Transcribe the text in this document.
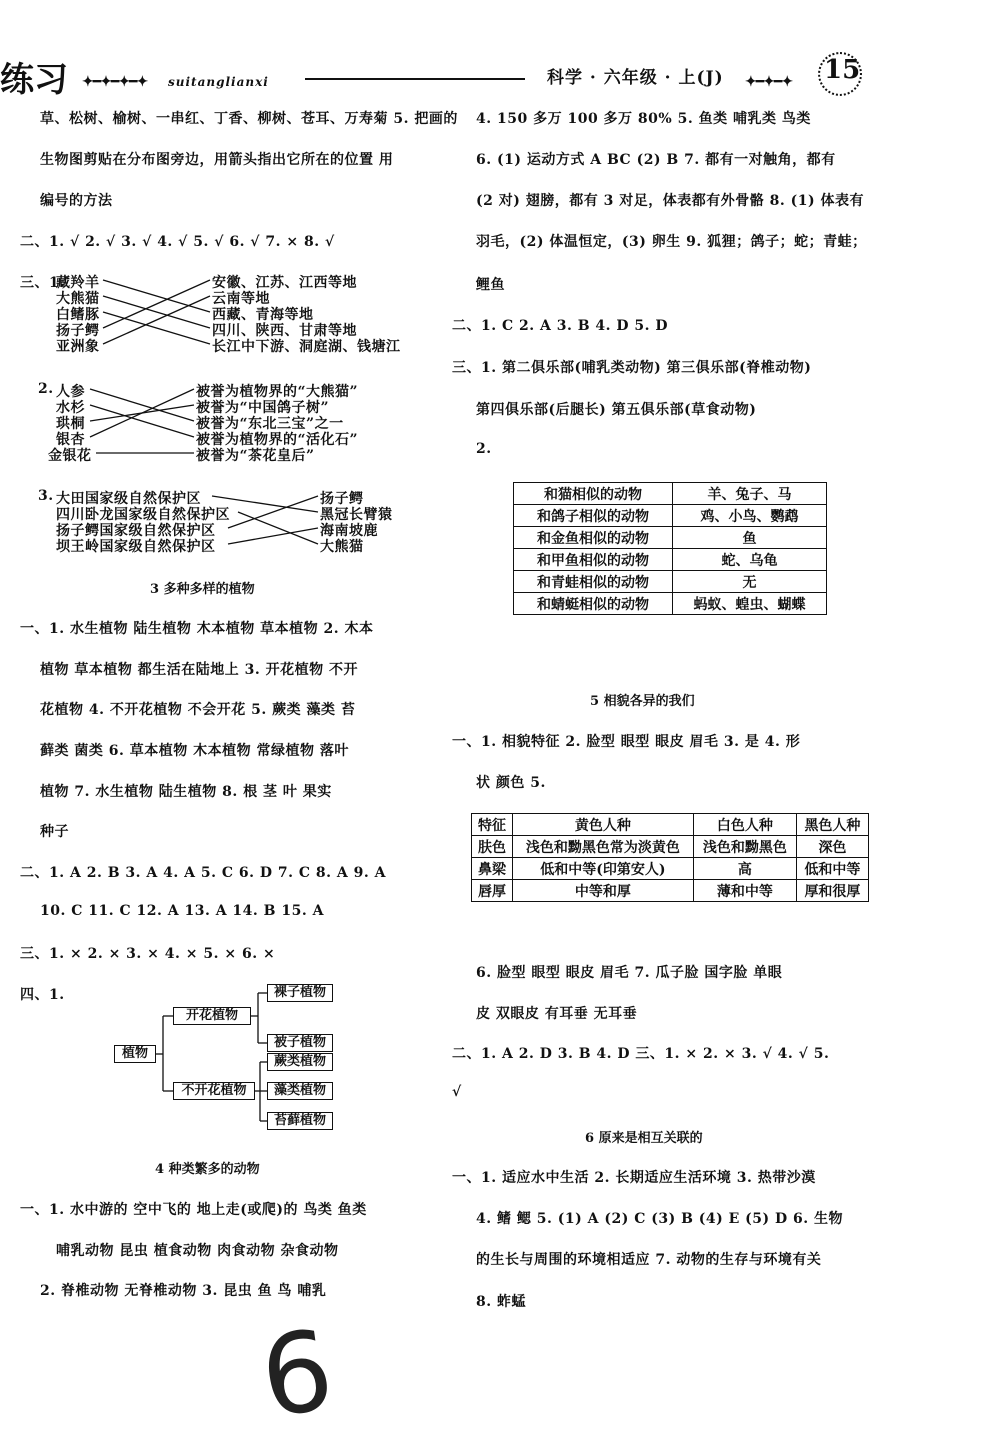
练习 ✦━✦━✦━✦ suitanglianxi	科学 · 六年级 · 上(J) ✦━✦━✦ 15
草、松树、榆树、一串红、丁香、柳树、苍耳、万寿菊 5. 把画的
生物图剪贴在分布图旁边，用箭头指出它所在的位置 用
编号的方法
二、1. √ 2. √ 3. √ 4. √ 5. √ 6. √ 7. × 8. √
三、1.
藏羚羊
大熊猫
白鳍豚
扬子鳄
亚洲象
安徽、江苏、江西等地
云南等地
西藏、青海等地
四川、陕西、甘肃等地
长江中下游、洞庭湖、钱塘江
2. 人参
水杉
珙桐
银杏
金银花
被誉为植物界的“大熊猫”
被誉为“中国鸽子树”
被誉为“东北三宝”之一
被誉为植物界的“活化石”
被誉为“茶花皇后”
3. 大田国家级自然保护区
四川卧龙国家级自然保护区
扬子鳄国家级自然保护区
坝王岭国家级自然保护区
扬子鳄
黑冠长臂猿
海南坡鹿
大熊猫
3 多种多样的植物
一、1. 水生植物 陆生植物 木本植物 草本植物 2. 木本
植物 草本植物 都生活在陆地上 3. 开花植物 不开
花植物 4. 不开花植物 不会开花 5. 蕨类 藻类 苔
藓类 菌类 6. 草本植物 木本植物 常绿植物 落叶
植物 7. 水生植物 陆生植物 8. 根 茎 叶 果实
种子
二、1. A 2. B 3. A 4. A 5. C 6. D 7. C 8. A 9. A
10. C 11. C 12. A 13. A 14. B 15. A
三、1. × 2. × 3. × 4. × 5. × 6. ×
四、1.
植物
开花植物
不开花植物
裸子植物
被子植物
蕨类植物
藻类植物
苔藓植物
4 种类繁多的动物
一、1. 水中游的 空中飞的 地上走(或爬)的 鸟类 鱼类
哺乳动物 昆虫 植食动物 肉食动物 杂食动物
2. 脊椎动物 无脊椎动物 3. 昆虫 鱼 鸟 哺乳
4. 150 多万 100 多万 80% 5. 鱼类 哺乳类 鸟类
6. (1) 运动方式 A BC (2) B 7. 都有一对触角，都有
(2 对) 翅膀，都有 3 对足，体表都有外骨骼 8. (1) 体表有
羽毛，(2) 体温恒定，(3) 卵生 9. 狐狸；鸽子；蛇；青蛙；
鲤鱼
二、1. C 2. A 3. B 4. D 5. D
三、1. 第二俱乐部(哺乳类动物) 第三俱乐部(脊椎动物)
第四俱乐部(后腿长) 第五俱乐部(草食动物)
2.
和猫相似的动物	羊、兔子、马
和鸽子相似的动物	鸡、小鸟、鹦鹉
和金鱼相似的动物	鱼
和甲鱼相似的动物	蛇、乌龟
和青蛙相似的动物	无
和蜻蜓相似的动物	蚂蚁、蝗虫、蝴蝶
5 相貌各异的我们
一、1. 相貌特征 2. 脸型 眼型 眼皮 眉毛 3. 是 4. 形
状 颜色 5.
特征	黄色人种	白色人种	黑色人种
肤色	浅色和黝黑色常为淡黄色	浅色和黝黑色	深色
鼻梁	低和中等(印第安人)	高	低和中等
唇厚	中等和厚	薄和中等	厚和很厚
6. 脸型 眼型 眼皮 眉毛 7. 瓜子脸 国字脸 单眼
皮 双眼皮 有耳垂 无耳垂
二、1. A 2. D 3. B 4. D 三、1. × 2. × 3. √ 4. √ 5.
√
6 原来是相互关联的
一、1. 适应水中生活 2. 长期适应生活环境 3. 热带沙漠
4. 鳍 鳃 5. (1) A (2) C (3) B (4) E (5) D 6. 生物
的生长与周围的环境相适应 7. 动物的生存与环境有关
8. 蚱蜢
6
